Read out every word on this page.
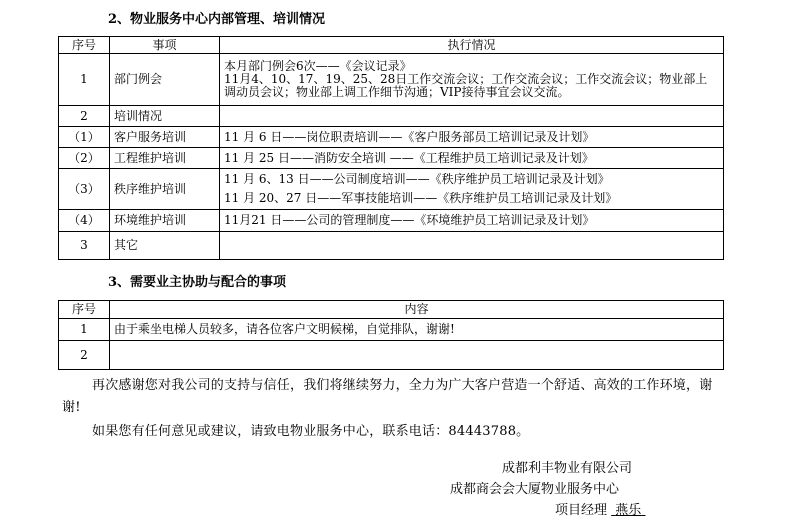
2、物业服务中心内部管理、培训情况
序号	事项	执行情况
1	部门例会	本月部门例会6次——《会议记录》
11月4、10、17、19、25、28日工作交流会议；工作交流会议；工作交流会议；物业部上调动员会议；物业部上调工作细节沟通；VIP接待事宜会议交流。

2	培训情况	
（1）	客户服务培训	11 月 6 日——岗位职责培训——《客户服务部员工培训记录及计划》

（2）	工程维护培训	11 月 25 日——消防安全培训 ——《工程维护员工培训记录及计划》

（3）	秩序维护培训	11 月 6、13 日——公司制度培训——《秩序维护员工培训记录及计划》
11 月 20、27 日——军事技能培训——《秩序维护员工培训记录及计划》

（4）	环境维护培训	11月21 日——公司的管理制度——《环境维护员工培训记录及计划》

3	其它	
3、需要业主协助与配合的事项
序号	内容
1	由于乘坐电梯人员较多，请各位客户文明候梯，自觉排队，谢谢!
2	
再次感谢您对我公司的支持与信任，我们将继续努力，全力为广大客户营造一个舒适、高效的工作环境，谢谢!
如果您有任何意见或建议，请致电物业服务中心，联系电话：84443788。
成都利丰物业有限公司
成都商会会大厦物业服务中心
项目经理 燕乐
